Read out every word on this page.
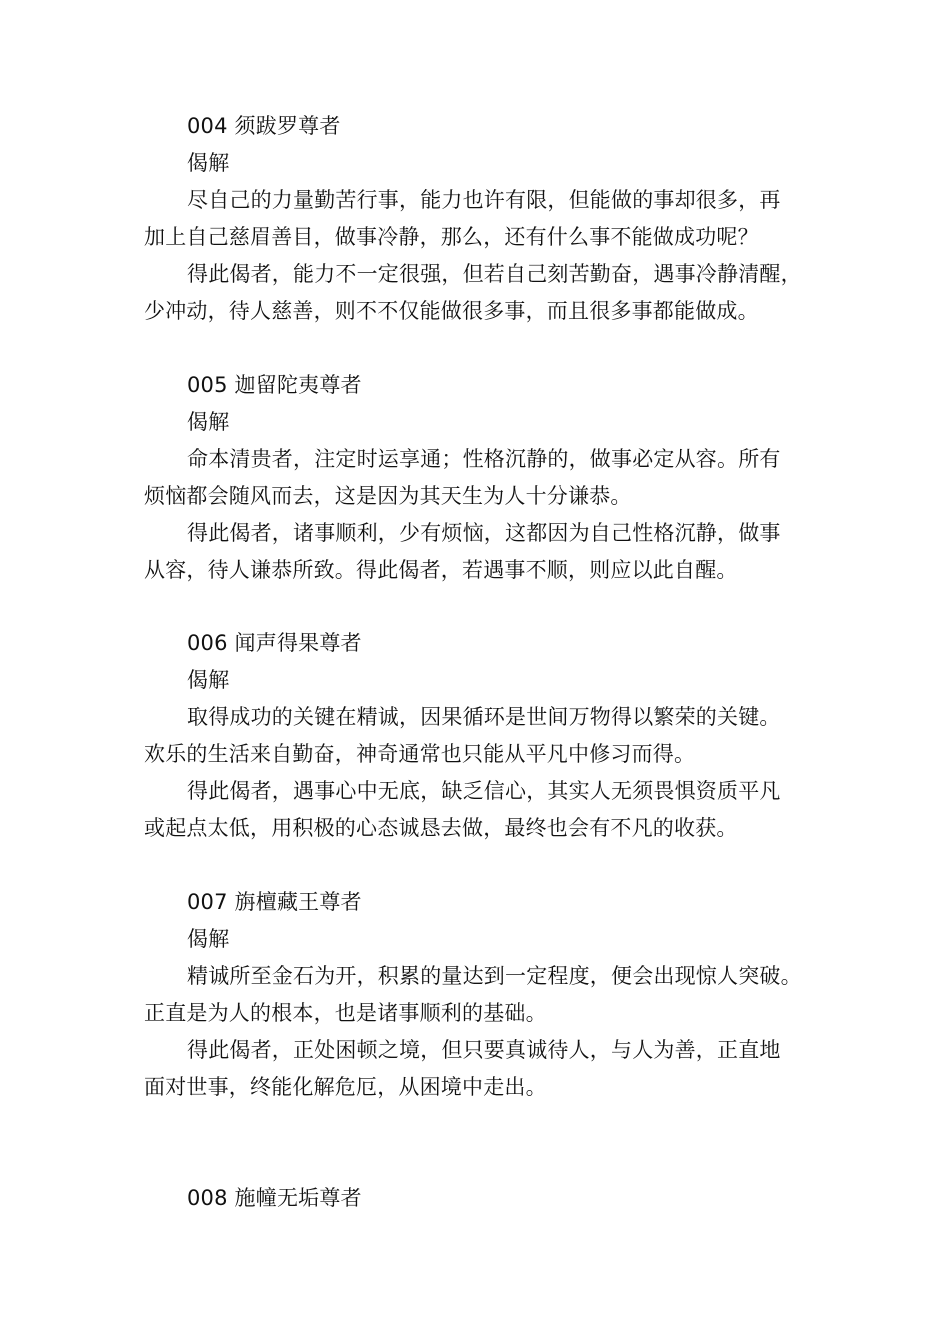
004 须跋罗尊者
偈解
尽自己的力量勤苦行事，能力也许有限，但能做的事却很多，再
加上自己慈眉善目，做事冷静，那么，还有什么事不能做成功呢？
得此偈者，能力不一定很强，但若自己刻苦勤奋，遇事冷静清醒，
少冲动，待人慈善，则不不仅能做很多事，而且很多事都能做成。
005 迦留陀夷尊者
偈解
命本清贵者，注定时运享通；性格沉静的，做事必定从容。所有
烦恼都会随风而去，这是因为其天生为人十分谦恭。
得此偈者，诸事顺利，少有烦恼，这都因为自己性格沉静，做事
从容，待人谦恭所致。得此偈者，若遇事不顺，则应以此自醒。
006 闻声得果尊者
偈解
取得成功的关键在精诚，因果循环是世间万物得以繁荣的关键。
欢乐的生活来自勤奋，神奇通常也只能从平凡中修习而得。
得此偈者，遇事心中无底，缺乏信心，其实人无须畏惧资质平凡
或起点太低，用积极的心态诚恳去做，最终也会有不凡的收获。
007 旃檀藏王尊者
偈解
精诚所至金石为开，积累的量达到一定程度，便会出现惊人突破。
正直是为人的根本，也是诸事顺利的基础。
得此偈者，正处困顿之境，但只要真诚待人，与人为善，正直地
面对世事，终能化解危厄，从困境中走出。
008 施幢无垢尊者
